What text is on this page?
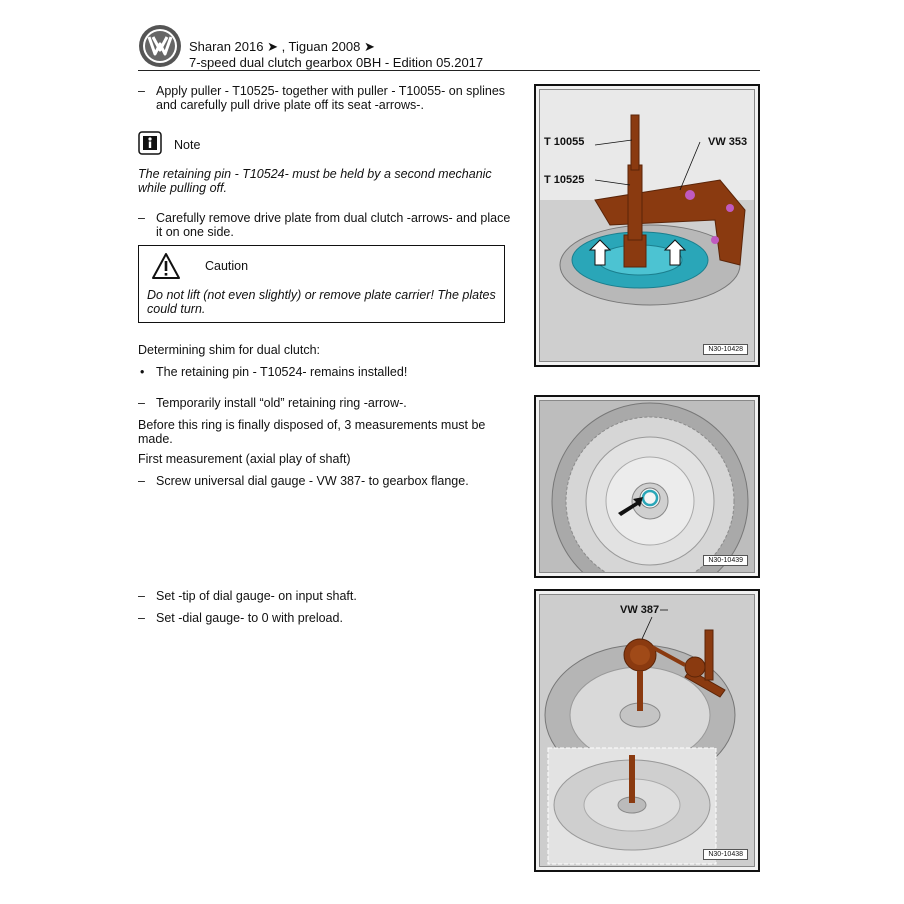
Sharan 2016 ➤ , Tiguan 2008 ➤
7-speed dual clutch gearbox 0BH - Edition 05.2017
– Apply puller - T10525- together with puller - T10055- on splines and carefully pull drive plate off its seat -arrows-.
Note
The retaining pin - T10524- must be held by a second mechanic while pulling off.
– Carefully remove drive plate from dual clutch -arrows- and place it on one side.
Caution
Do not lift (not even slightly) or remove plate carrier! The plates could turn.
Determining shim for dual clutch:
• The retaining pin - T10524- remains installed!
– Temporarily install “old” retaining ring -arrow-.
Before this ring is finally disposed of, 3 measurements must be made.
First measurement (axial play of shaft)
– Screw universal dial gauge - VW 387- to gearbox flange.
– Set -tip of dial gauge- on input shaft.
– Set -dial gauge- to 0 with preload.
T 10055
T 10525
VW 353
N30-10428
N30-10439
VW 387
N30-10438
